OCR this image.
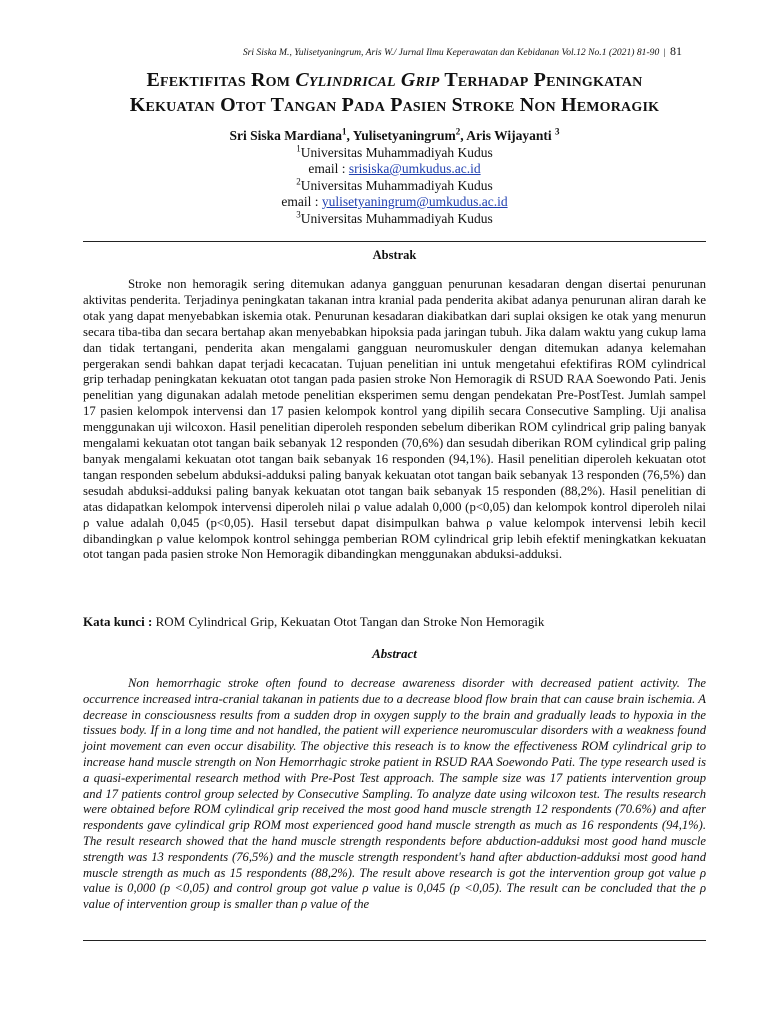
Sri Siska M., Yulisetyaningrum, Aris W./ Jurnal Ilmu Keperawatan dan Kebidanan Vol.12 No.1 (2021) 81-90 | 81
Efektifitas Rom Cylindrical Grip Terhadap Peningkatan
Kekuatan Otot Tangan Pada Pasien Stroke Non Hemoragik
Sri Siska Mardiana$^1$, Yulisetyaningrum$^2$, Aris Wijayanti $^3$
$^1$Universitas Muhammadiyah Kudus
email : srisiska@umkudus.ac.id
$^2$Universitas Muhammadiyah Kudus
email : yulisetyaningrum@umkudus.ac.id
$^3$Universitas Muhammadiyah Kudus
Abstrak

Stroke non hemoragik sering ditemukan adanya gangguan penurunan kesadaran dengan disertai penurunan aktivitas penderita. Terjadinya peningkatan takanan intra kranial pada penderita akibat adanya penurunan aliran darah ke otak yang dapat menyebabkan iskemia otak. Penurunan kesadaran diakibatkan dari suplai oksigen ke otak yang menurun secara tiba-tiba dan secara bertahap akan menyebabkan hipoksia pada jaringan tubuh. Jika dalam waktu yang cukup lama dan tidak tertangani, penderita akan mengalami gangguan neuromuskuler dengan ditemukan adanya kelemahan pergerakan sendi bahkan dapat terjadi kecacatan. Tujuan penelitian ini untuk mengetahui efektifiras ROM cylindrical grip terhadap peningkatan kekuatan otot tangan pada pasien stroke Non Hemoragik di RSUD RAA Soewondo Pati. Jenis penelitian yang digunakan adalah metode penelitian eksperimen semu dengan pendekatan Pre-PostTest. Jumlah sampel 17 pasien kelompok intervensi dan 17 pasien kelompok kontrol yang dipilih secara Consecutive Sampling. Uji analisa menggunakan uji wilcoxon. Hasil penelitian diperoleh responden sebelum diberikan ROM cylindrical grip paling banyak mengalami kekuatan otot tangan baik sebanyak 12 responden (70,6%) dan sesudah diberikan ROM cylindical grip paling banyak mengalami kekuatan otot tangan baik sebanyak 16 responden (94,1%). Hasil penelitian diperoleh kekuatan otot tangan responden sebelum abduksi-adduksi paling banyak kekuatan otot tangan baik sebanyak 13 responden (76,5%) dan sesudah abduksi-adduksi paling banyak kekuatan otot tangan baik sebanyak 15 responden (88,2%). Hasil penelitian di atas didapatkan kelompok intervensi diperoleh nilai ρ value adalah 0,000 (p<0,05) dan kelompok kontrol diperoleh nilai ρ value adalah 0,045 (p<0,05). Hasil tersebut dapat disimpulkan bahwa ρ value kelompok intervensi lebih kecil dibandingkan ρ value kelompok kontrol sehingga pemberian ROM cylindrical grip lebih efektif meningkatkan kekuatan otot tangan pada pasien stroke Non Hemoragik dibandingkan menggunakan abduksi-adduksi.

Kata kunci : ROM Cylindrical Grip, Kekuatan Otot Tangan dan Stroke Non Hemoragik
Abstract

Non hemorrhagic stroke often found to decrease awareness disorder with decreased patient activity. The occurrence increased intra-cranial takanan in patients due to a decrease blood flow brain that can cause brain ischemia. A decrease in consciousness results from a sudden drop in oxygen supply to the brain and gradually leads to hypoxia in the tissues body. If in a long time and not handled, the patient will experience neuromuscular disorders with a weakness found joint movement can even occur disability. The objective this reseach is to know the effectiveness ROM cylindrical grip to increase hand muscle strength on Non Hemorrhagic stroke patient in RSUD RAA Soewondo Pati. The type research used is a quasi-experimental research method with Pre-Post Test approach. The sample size was 17 patients intervention group and 17 patients control group selected by Consecutive Sampling. To analyze date using wilcoxon test. The results research were obtained before ROM cylindical grip received the most good hand muscle strength 12 respondents (70.6%) and after respondents gave cylindical grip ROM most experienced good hand muscle strength as much as 16 respondents (94,1%). The result research showed that the hand muscle strength respondents before abduction-adduksi most good hand muscle strength was 13 respondents (76,5%) and the muscle strength respondent's hand after abduction-adduksi most good hand muscle strength as much as 15 respondents (88,2%). The result above research is got the intervention group got value ρ value is 0,000 (p <0,05) and control group got value ρ value is 0,045 (p <0,05). The result can be concluded that the ρ value of intervention group is smaller than ρ value of the
